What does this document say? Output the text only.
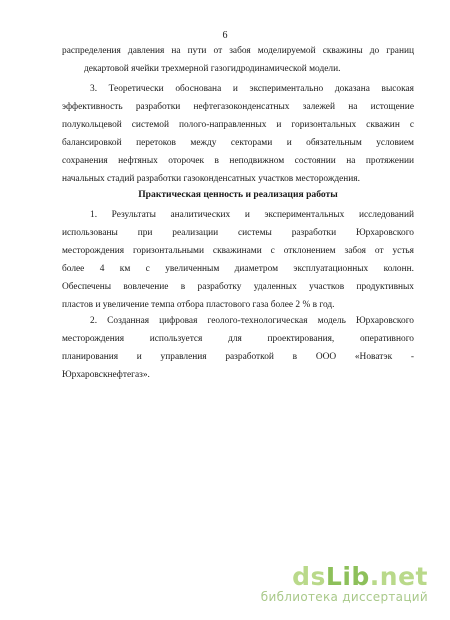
6
распределения давления на пути от забоя моделируемой скважины до границ
декартовой ячейки трехмерной газогидродинамической модели.
3. Теоретически обоснована и экспериментально доказана высокая
эффективность разработки нефтегазоконденсатных залежей на истощение
полукольцевой системой полого-направленных и горизонтальных скважин с
балансировкой перетоков между секторами и обязательным условием
сохранения нефтяных оторочек в неподвижном состоянии на протяжении
начальных стадий разработки газоконденсатных участков месторождения.

Практическая ценность и реализация работы

1. Результаты аналитических и экспериментальных исследований
использованы при реализации системы разработки Юрхаровского
месторождения горизонтальными скважинами с отклонением забоя от устья
более 4 км с увеличенным диаметром эксплуатационных колонн.
Обеспечены вовлечение в разработку удаленных участков продуктивных
пластов и увеличение темпа отбора пластового газа более 2 % в год.
2. Созданная цифровая геолого-технологическая модель Юрхаровского
месторождения используется для проектирования, оперативного
планирования и управления разработкой в ООО «Новатэк -
Юрхаровскнефтегаз».
dsLib.net
библиотека диссертаций
